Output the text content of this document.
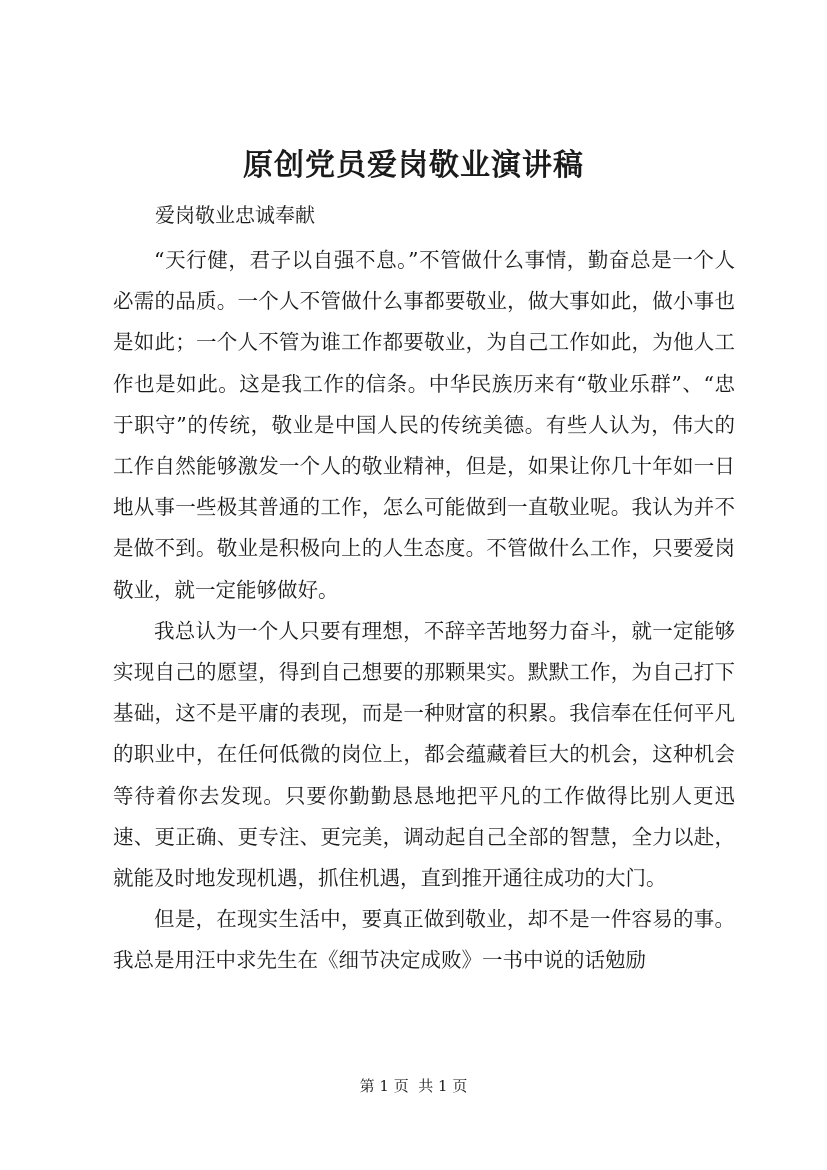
原创党员爱岗敬业演讲稿
爱岗敬业忠诚奉献

“天行健，君子以自强不息。”不管做什么事情，勤奋总是一个人必需的品质。一个人不管做什么事都要敬业，做大事如此，做小事也是如此；一个人不管为谁工作都要敬业，为自己工作如此，为他人工作也是如此。这是我工作的信条。中华民族历来有“敬业乐群”、“忠于职守”的传统，敬业是中国人民的传统美德。有些人认为，伟大的工作自然能够激发一个人的敬业精神，但是，如果让你几十年如一日地从事一些极其普通的工作，怎么可能做到一直敬业呢。我认为并不是做不到。敬业是积极向上的人生态度。不管做什么工作，只要爱岗敬业，就一定能够做好。

我总认为一个人只要有理想，不辞辛苦地努力奋斗，就一定能够实现自己的愿望，得到自己想要的那颗果实。默默工作，为自己打下基础，这不是平庸的表现，而是一种财富的积累。我信奉在任何平凡的职业中，在任何低微的岗位上，都会蕴藏着巨大的机会，这种机会等待着你去发现。只要你勤勤恳恳地把平凡的工作做得比别人更迅速、更正确、更专注、更完美，调动起自己全部的智慧，全力以赴，就能及时地发现机遇，抓住机遇，直到推开通往成功的大门。

但是，在现实生活中，要真正做到敬业，却不是一件容易的事。我总是用汪中求先生在《细节决定成败》一书中说的话勉励

第 1 页  共 1 页
